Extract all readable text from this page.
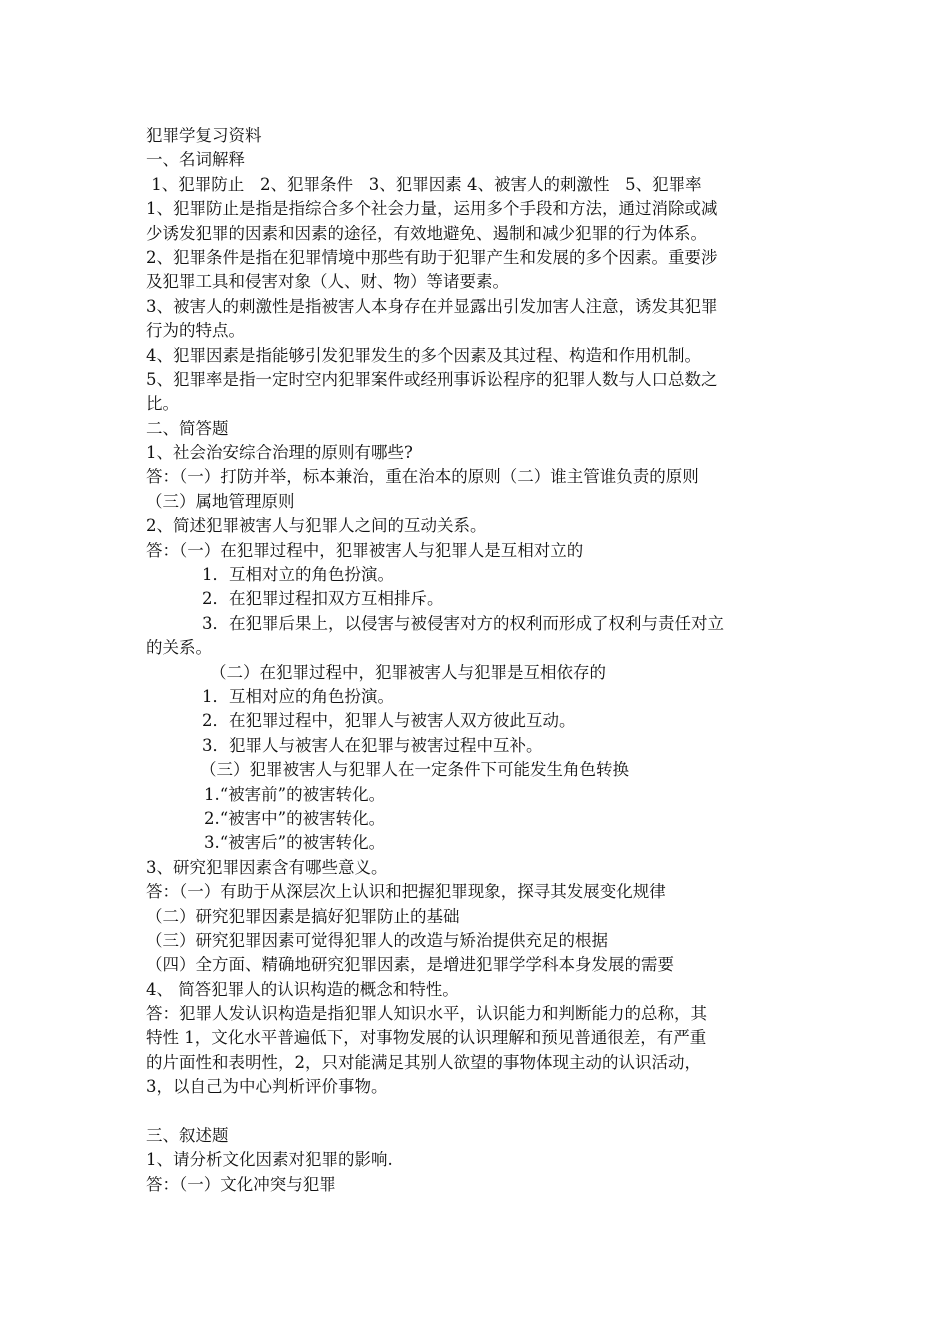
犯罪学复习资料
一、名词解释
1、犯罪防止   2、犯罪条件   3、犯罪因素 4、被害人的刺激性   5、犯罪率
1、犯罪防止是指是指综合多个社会力量，运用多个手段和方法，通过消除或减
少诱发犯罪的因素和因素的途径，有效地避免、遏制和减少犯罪的行为体系。
2、犯罪条件是指在犯罪情境中那些有助于犯罪产生和发展的多个因素。重要涉
及犯罪工具和侵害对象（人、财、物）等诸要素。
3、被害人的刺激性是指被害人本身存在并显露出引发加害人注意，诱发其犯罪
行为的特点。
4、犯罪因素是指能够引发犯罪发生的多个因素及其过程、构造和作用机制。
5、犯罪率是指一定时空内犯罪案件或经刑事诉讼程序的犯罪人数与人口总数之
比。
二、简答题
1、社会治安综合治理的原则有哪些?
答：（一）打防并举，标本兼治，重在治本的原则（二）谁主管谁负责的原则
（三）属地管理原则
2、简述犯罪被害人与犯罪人之间的互动关系。
答：（一）在犯罪过程中，犯罪被害人与犯罪人是互相对立的
1．互相对立的角色扮演。
2．在犯罪过程扣双方互相排斥。
3．在犯罪后果上，以侵害与被侵害对方的权利而形成了权利与责任对立
的关系。
（二）在犯罪过程中，犯罪被害人与犯罪是互相依存的
1．互相对应的角色扮演。
2．在犯罪过程中，犯罪人与被害人双方彼此互动。
3．犯罪人与被害人在犯罪与被害过程中互补。
（三）犯罪被害人与犯罪人在一定条件下可能发生角色转换
1.“被害前”的被害转化。
2.“被害中”的被害转化。
3.“被害后”的被害转化。
3、研究犯罪因素含有哪些意义。
答：（一）有助于从深层次上认识和把握犯罪现象，探寻其发展变化规律
（二）研究犯罪因素是搞好犯罪防止的基础
（三）研究犯罪因素可觉得犯罪人的改造与矫治提供充足的根据
（四）全方面、精确地研究犯罪因素，是增进犯罪学学科本身发展的需要
4、 简答犯罪人的认识构造的概念和特性。
答：犯罪人发认识构造是指犯罪人知识水平，认识能力和判断能力的总称，其
特性 1，文化水平普遍低下，对事物发展的认识理解和预见普通很差，有严重
的片面性和表明性，2，只对能满足其别人欲望的事物体现主动的认识活动，
3，以自己为中心判析评价事物。
三、叙述题
1、请分析文化因素对犯罪的影响.
答：（一）文化冲突与犯罪
